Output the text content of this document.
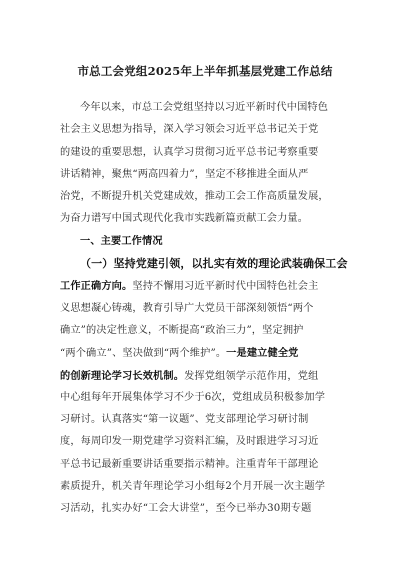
市总工会党组2025年上半年抓基层党建工作总结
今年以来，市总工会党组坚持以习近平新时代中国特色
社会主义思想为指导，深入学习领会习近平总书记关于党
的建设的重要思想，认真学习贯彻习近平总书记考察重要
讲话精神，聚焦“两高四着力”，坚定不移推进全面从严
治党，不断提升机关党建成效，推动工会工作高质量发展，
为奋力谱写中国式现代化我市实践新篇贡献工会力量。
一、主要工作情况
（一）坚持党建引领，以扎实有效的理论武装确保工会
工作正确方向。坚持不懈用习近平新时代中国特色社会主
义思想凝心铸魂，教育引导广大党员干部深刻领悟“两个
确立”的决定性意义，不断提高“政治三力”，坚定拥护
“两个确立”、坚决做到“两个维护”。一是建立健全党
的创新理论学习长效机制。发挥党组领学示范作用，党组
中心组每年开展集体学习不少于6次，党组成员积极参加学
习研讨。认真落实“第一议题”、党支部理论学习研讨制
度，每周印发一期党建学习资料汇编，及时跟进学习习近
平总书记最新重要讲话重要指示精神。注重青年干部理论
素质提升，机关青年理论学习小组每2个月开展一次主题学
习活动，扎实办好“工会大讲堂”，至今已举办30期专题
